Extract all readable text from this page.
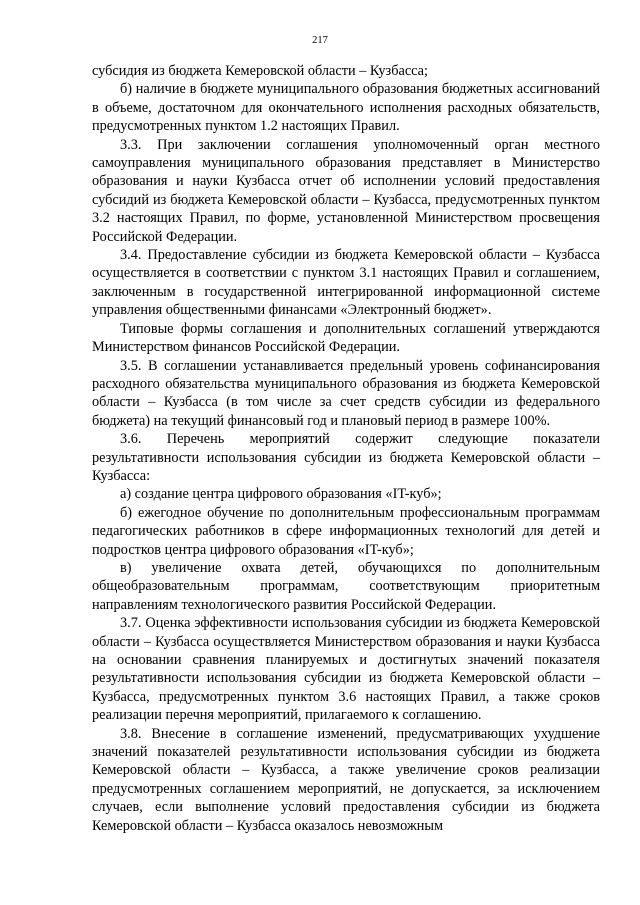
217

субсидия из бюджета Кемеровской области – Кузбасса;

б) наличие в бюджете муниципального образования бюджетных ассигнований в объеме, достаточном для окончательного исполнения расходных обязательств, предусмотренных пунктом 1.2 настоящих Правил.

3.3. При заключении соглашения уполномоченный орган местного самоуправления муниципального образования представляет в Министерство образования и науки Кузбасса отчет об исполнении условий предоставления субсидий из бюджета Кемеровской области – Кузбасса, предусмотренных пунктом 3.2 настоящих Правил, по форме, установленной Министерством просвещения Российской Федерации.

3.4. Предоставление субсидии из бюджета Кемеровской области – Кузбасса осуществляется в соответствии с пунктом 3.1 настоящих Правил и соглашением, заключенным в государственной интегрированной информационной системе управления общественными финансами «Электронный бюджет».

Типовые формы соглашения и дополнительных соглашений утверждаются Министерством финансов Российской Федерации.

3.5. В соглашении устанавливается предельный уровень софинансирования расходного обязательства муниципального образования из бюджета Кемеровской области – Кузбасса (в том числе за счет средств субсидии из федерального бюджета) на текущий финансовый год и плановый период в размере 100%.

3.6. Перечень мероприятий содержит следующие показатели результативности использования субсидии из бюджета Кемеровской области – Кузбасса:

а) создание центра цифрового образования «IT-куб»;

б) ежегодное обучение по дополнительным профессиональным программам педагогических работников в сфере информационных технологий для детей и подростков центра цифрового образования «IT-куб»;

в) увеличение охвата детей, обучающихся по дополнительным общеобразовательным программам, соответствующим приоритетным направлениям технологического развития Российской Федерации.

3.7. Оценка эффективности использования субсидии из бюджета Кемеровской области – Кузбасса осуществляется Министерством образования и науки Кузбасса на основании сравнения планируемых и достигнутых значений показателя результативности использования субсидии из бюджета Кемеровской области – Кузбасса, предусмотренных пунктом 3.6 настоящих Правил, а также сроков реализации перечня мероприятий, прилагаемого к соглашению.

3.8. Внесение в соглашение изменений, предусматривающих ухудшение значений показателей результативности использования субсидии из бюджета Кемеровской области – Кузбасса, а также увеличение сроков реализации предусмотренных соглашением мероприятий, не допускается, за исключением случаев, если выполнение условий предоставления субсидии из бюджета Кемеровской области – Кузбасса оказалось невозможным
